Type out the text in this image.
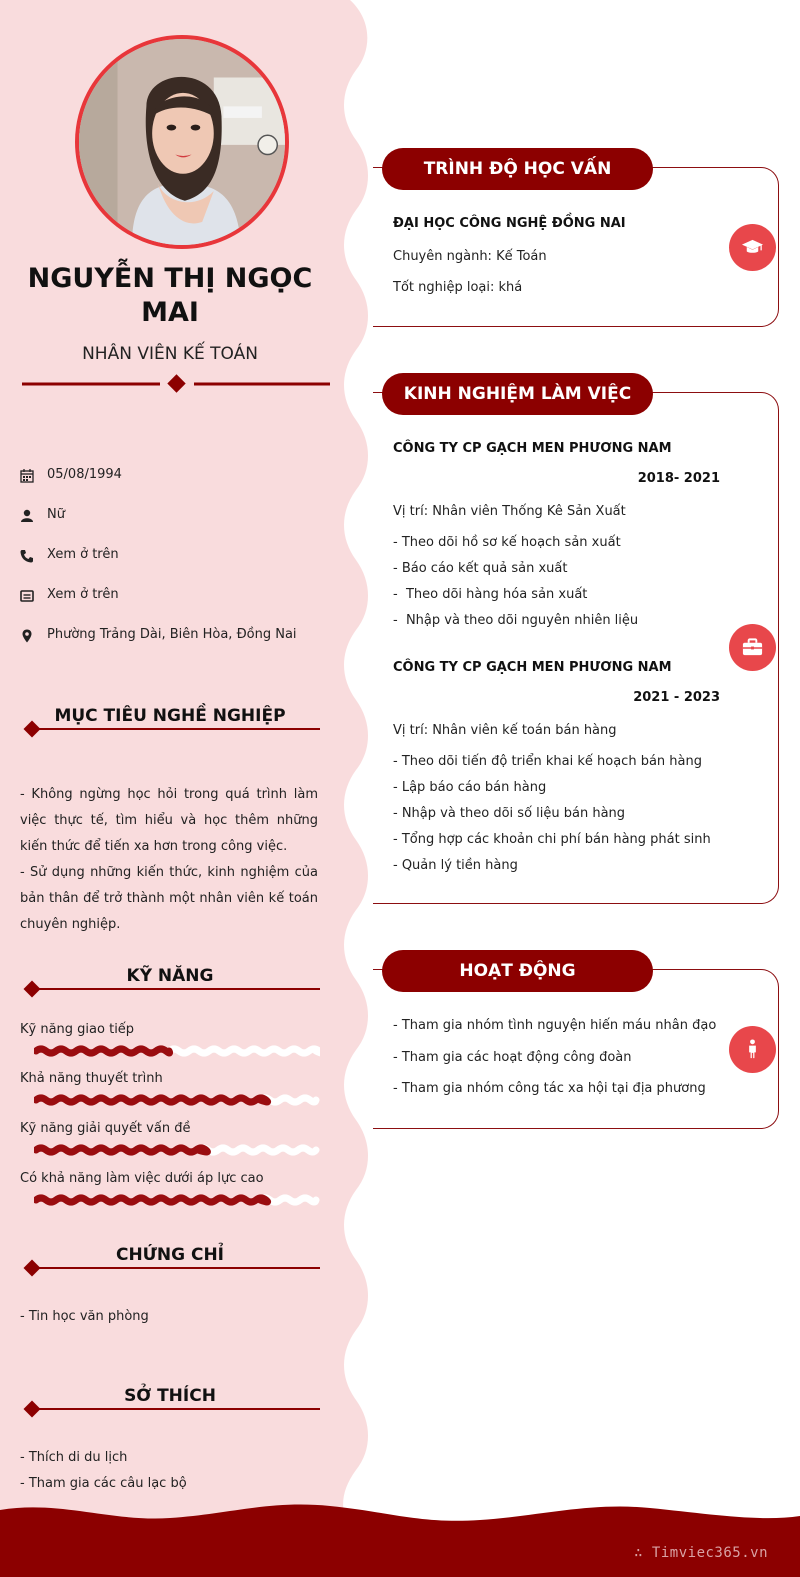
NGUYỄN THỊ NGỌC MAI
NHÂN VIÊN KẾ TOÁN
05/08/1994
Nữ
Xem ở trên
Xem ở trên
Phường Trảng Dài, Biên Hòa, Đồng Nai
MỤC TIÊU NGHỀ NGHIỆP
- Không ngừng học hỏi trong quá trình làm việc thực tế, tìm hiểu và học thêm những kiến thức để tiến xa hơn trong công việc.
- Sử dụng những kiến thức, kinh nghiệm của bản thân để trở thành một nhân viên kế toán chuyên nghiệp.
KỸ NĂNG
Kỹ năng giao tiếp
Khả năng thuyết trình
Kỹ năng giải quyết vấn đề
Có khả năng làm việc dưới áp lực cao
CHỨNG CHỈ
- Tin học văn phòng
SỞ THÍCH
- Thích di du lịch
- Tham gia các câu lạc bộ
TRÌNH ĐỘ HỌC VẤN
ĐẠI HỌC CÔNG NGHỆ ĐỒNG NAI
Chuyên ngành: Kế Toán
Tốt nghiệp loại: khá
KINH NGHIỆM LÀM VIỆC
CÔNG TY CP GẠCH MEN PHƯƠNG NAM
2018- 2021
Vị trí: Nhân viên Thống Kê Sản Xuất
- Theo dõi hồ sơ kế hoạch sản xuất
- Báo cáo kết quả sản xuất
-  Theo dõi hàng hóa sản xuất
-  Nhập và theo dõi nguyên nhiên liệu
CÔNG TY CP GẠCH MEN PHƯƠNG NAM
2021 - 2023
Vị trí: Nhân viên kế toán bán hàng
- Theo dõi tiến độ triển khai kế hoạch bán hàng
- Lập báo cáo bán hàng
- Nhập và theo dõi số liệu bán hàng
- Tổng hợp các khoản chi phí bán hàng phát sinh
- Quản lý tiền hàng
HOẠT ĐỘNG
- Tham gia nhóm tình nguyện hiến máu nhân đạo
- Tham gia các hoạt động công đoàn
- Tham gia nhóm công tác xa hội tại địa phương
∴ Timviec365.vn
